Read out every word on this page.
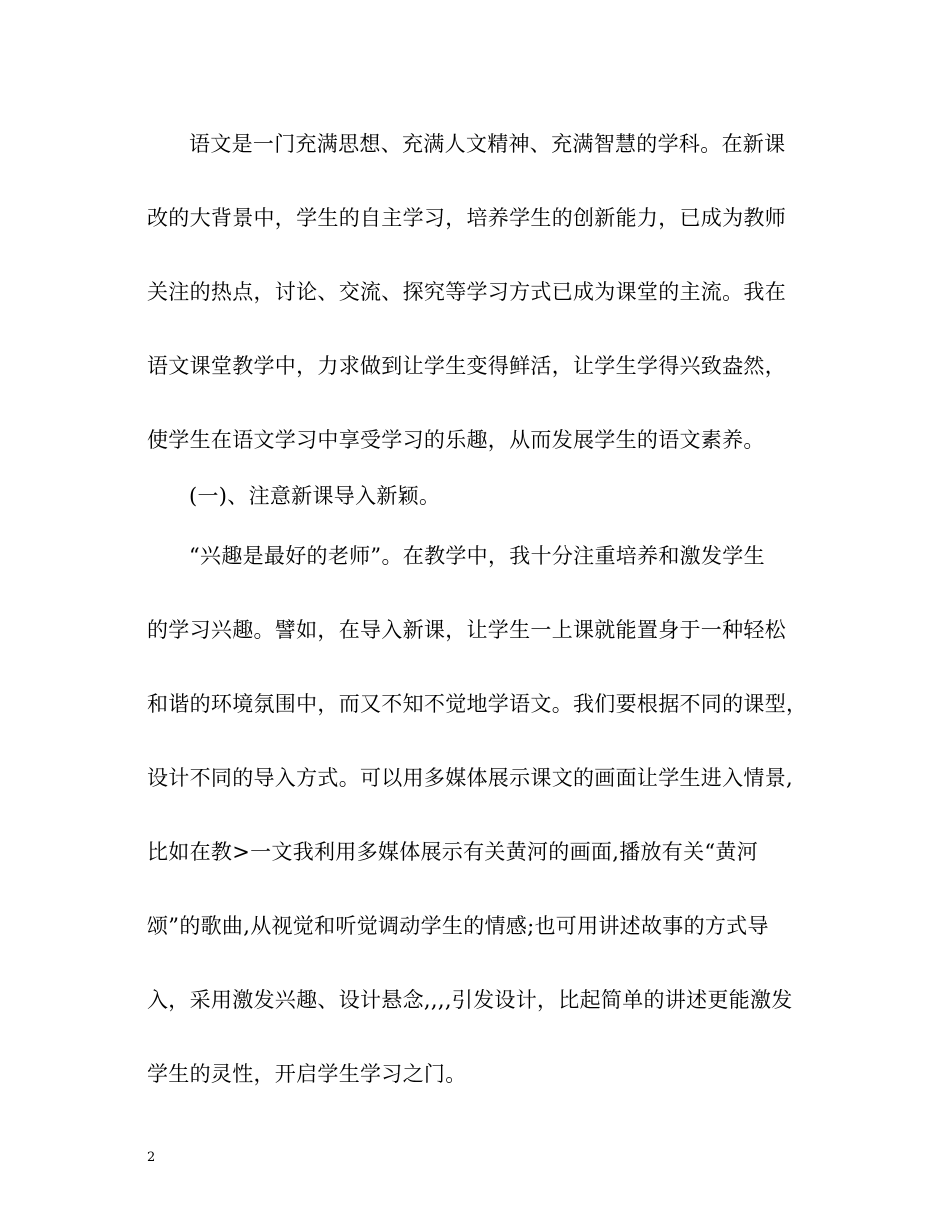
语文是一门充满思想、充满人文精神、充满智慧的学科。在新课
改的大背景中，学生的自主学习，培养学生的创新能力，已成为教师
关注的热点，讨论、交流、探究等学习方式已成为课堂的主流。我在
语文课堂教学中，力求做到让学生变得鲜活，让学生学得兴致盎然，
使学生在语文学习中享受学习的乐趣，从而发展学生的语文素养。
(一)、注意新课导入新颖。
“兴趣是最好的老师”。在教学中，我十分注重培养和激发学生
的学习兴趣。譬如，在导入新课，让学生一上课就能置身于一种轻松
和谐的环境氛围中，而又不知不觉地学语文。我们要根据不同的课型，
设计不同的导入方式。可以用多媒体展示课文的画面让学生进入情景,
比如在教>一文我利用多媒体展示有关黄河的画面,播放有关“黄河
颂”的歌曲,从视觉和听觉调动学生的情感;也可用讲述故事的方式导
入，采用激发兴趣、设计悬念,,,,引发设计，比起简单的讲述更能激发
学生的灵性，开启学生学习之门。
2
